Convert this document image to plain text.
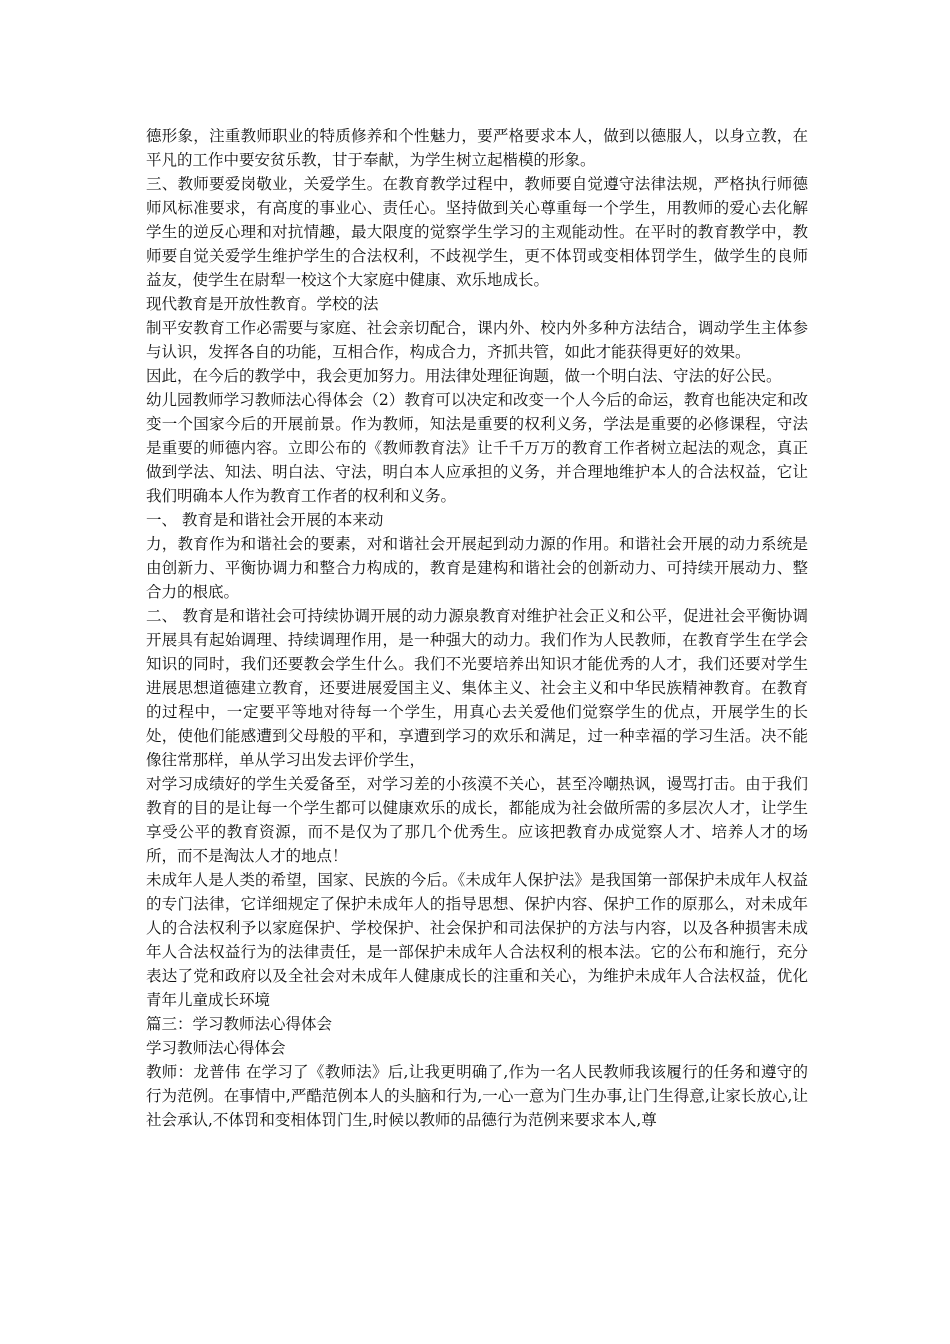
德形象，注重教师职业的特质修养和个性魅力，要严格要求本人，做到以德服人，以身立教，在平凡的工作中要安贫乐教，甘于奉献，为学生树立起楷模的形象。

三、教师要爱岗敬业，关爱学生。在教育教学过程中，教师要自觉遵守法律法规，严格执行师德师风标准要求，有高度的事业心、责任心。坚持做到关心尊重每一个学生，用教师的爱心去化解学生的逆反心理和对抗情趣，最大限度的觉察学生学习的主观能动性。在平时的教育教学中，教师要自觉关爱学生维护学生的合法权利，不歧视学生，更不体罚或变相体罚学生，做学生的良师益友，使学生在尉犁一校这个大家庭中健康、欢乐地成长。

现代教育是开放性教育。学校的法

制平安教育工作必需要与家庭、社会亲切配合，课内外、校内外多种方法结合，调动学生主体参与认识，发挥各自的功能，互相合作，构成合力，齐抓共管，如此才能获得更好的效果。

因此，在今后的教学中，我会更加努力。用法律处理征询题，做一个明白法、守法的好公民。

幼儿园教师学习教师法心得体会（2）教育可以决定和改变一个人今后的命运，教育也能决定和改变一个国家今后的开展前景。作为教师，知法是重要的权利义务，学法是重要的必修课程，守法是重要的师德内容。立即公布的《教师教育法》让千千万万的教育工作者树立起法的观念，真正做到学法、知法、明白法、守法，明白本人应承担的义务，并合理地维护本人的合法权益，它让我们明确本人作为教育工作者的权利和义务。

一、 教育是和谐社会开展的本来动

力，教育作为和谐社会的要素，对和谐社会开展起到动力源的作用。和谐社会开展的动力系统是由创新力、平衡协调力和整合力构成的，教育是建构和谐社会的创新动力、可持续开展动力、整合力的根底。

二、 教育是和谐社会可持续协调开展的动力源泉教育对维护社会正义和公平，促进社会平衡协调开展具有起始调理、持续调理作用，是一种强大的动力。我们作为人民教师，在教育学生在学会知识的同时，我们还要教会学生什么。我们不光要培养出知识才能优秀的人才，我们还要对学生进展思想道德建立教育，还要进展爱国主义、集体主义、社会主义和中华民族精神教育。在教育的过程中，一定要平等地对待每一个学生，用真心去关爱他们觉察学生的优点，开展学生的长处，使他们能感遭到父母般的平和，享遭到学习的欢乐和满足，过一种幸福的学习生活。决不能像往常那样，单从学习出发去评价学生，

对学习成绩好的学生关爱备至，对学习差的小孩漠不关心，甚至冷嘲热讽，谩骂打击。由于我们教育的目的是让每一个学生都可以健康欢乐的成长，都能成为社会做所需的多层次人才，让学生享受公平的教育资源，而不是仅为了那几个优秀生。应该把教育办成觉察人才、培养人才的场所，而不是淘汰人才的地点！

未成年人是人类的希望，国家、民族的今后。《未成年人保护法》是我国第一部保护未成年人权益的专门法律，它详细规定了保护未成年人的指导思想、保护内容、保护工作的原那么，对未成年人的合法权利予以家庭保护、学校保护、社会保护和司法保护的方法与内容，以及各种损害未成年人合法权益行为的法律责任，是一部保护未成年人合法权利的根本法。它的公布和施行，充分表达了党和政府以及全社会对未成年人健康成长的注重和关心，为维护未成年人合法权益，优化青年儿童成长环境

篇三：学习教师法心得体会

学习教师法心得体会

教师：龙普伟 在学习了《教师法》后,让我更明确了,作为一名人民教师我该履行的任务和遵守的行为范例。在事情中,严酷范例本人的头脑和行为,一心一意为门生办事,让门生得意,让家长放心,让社会承认,不体罚和变相体罚门生,时候以教师的品德行为范例来要求本人,尊
